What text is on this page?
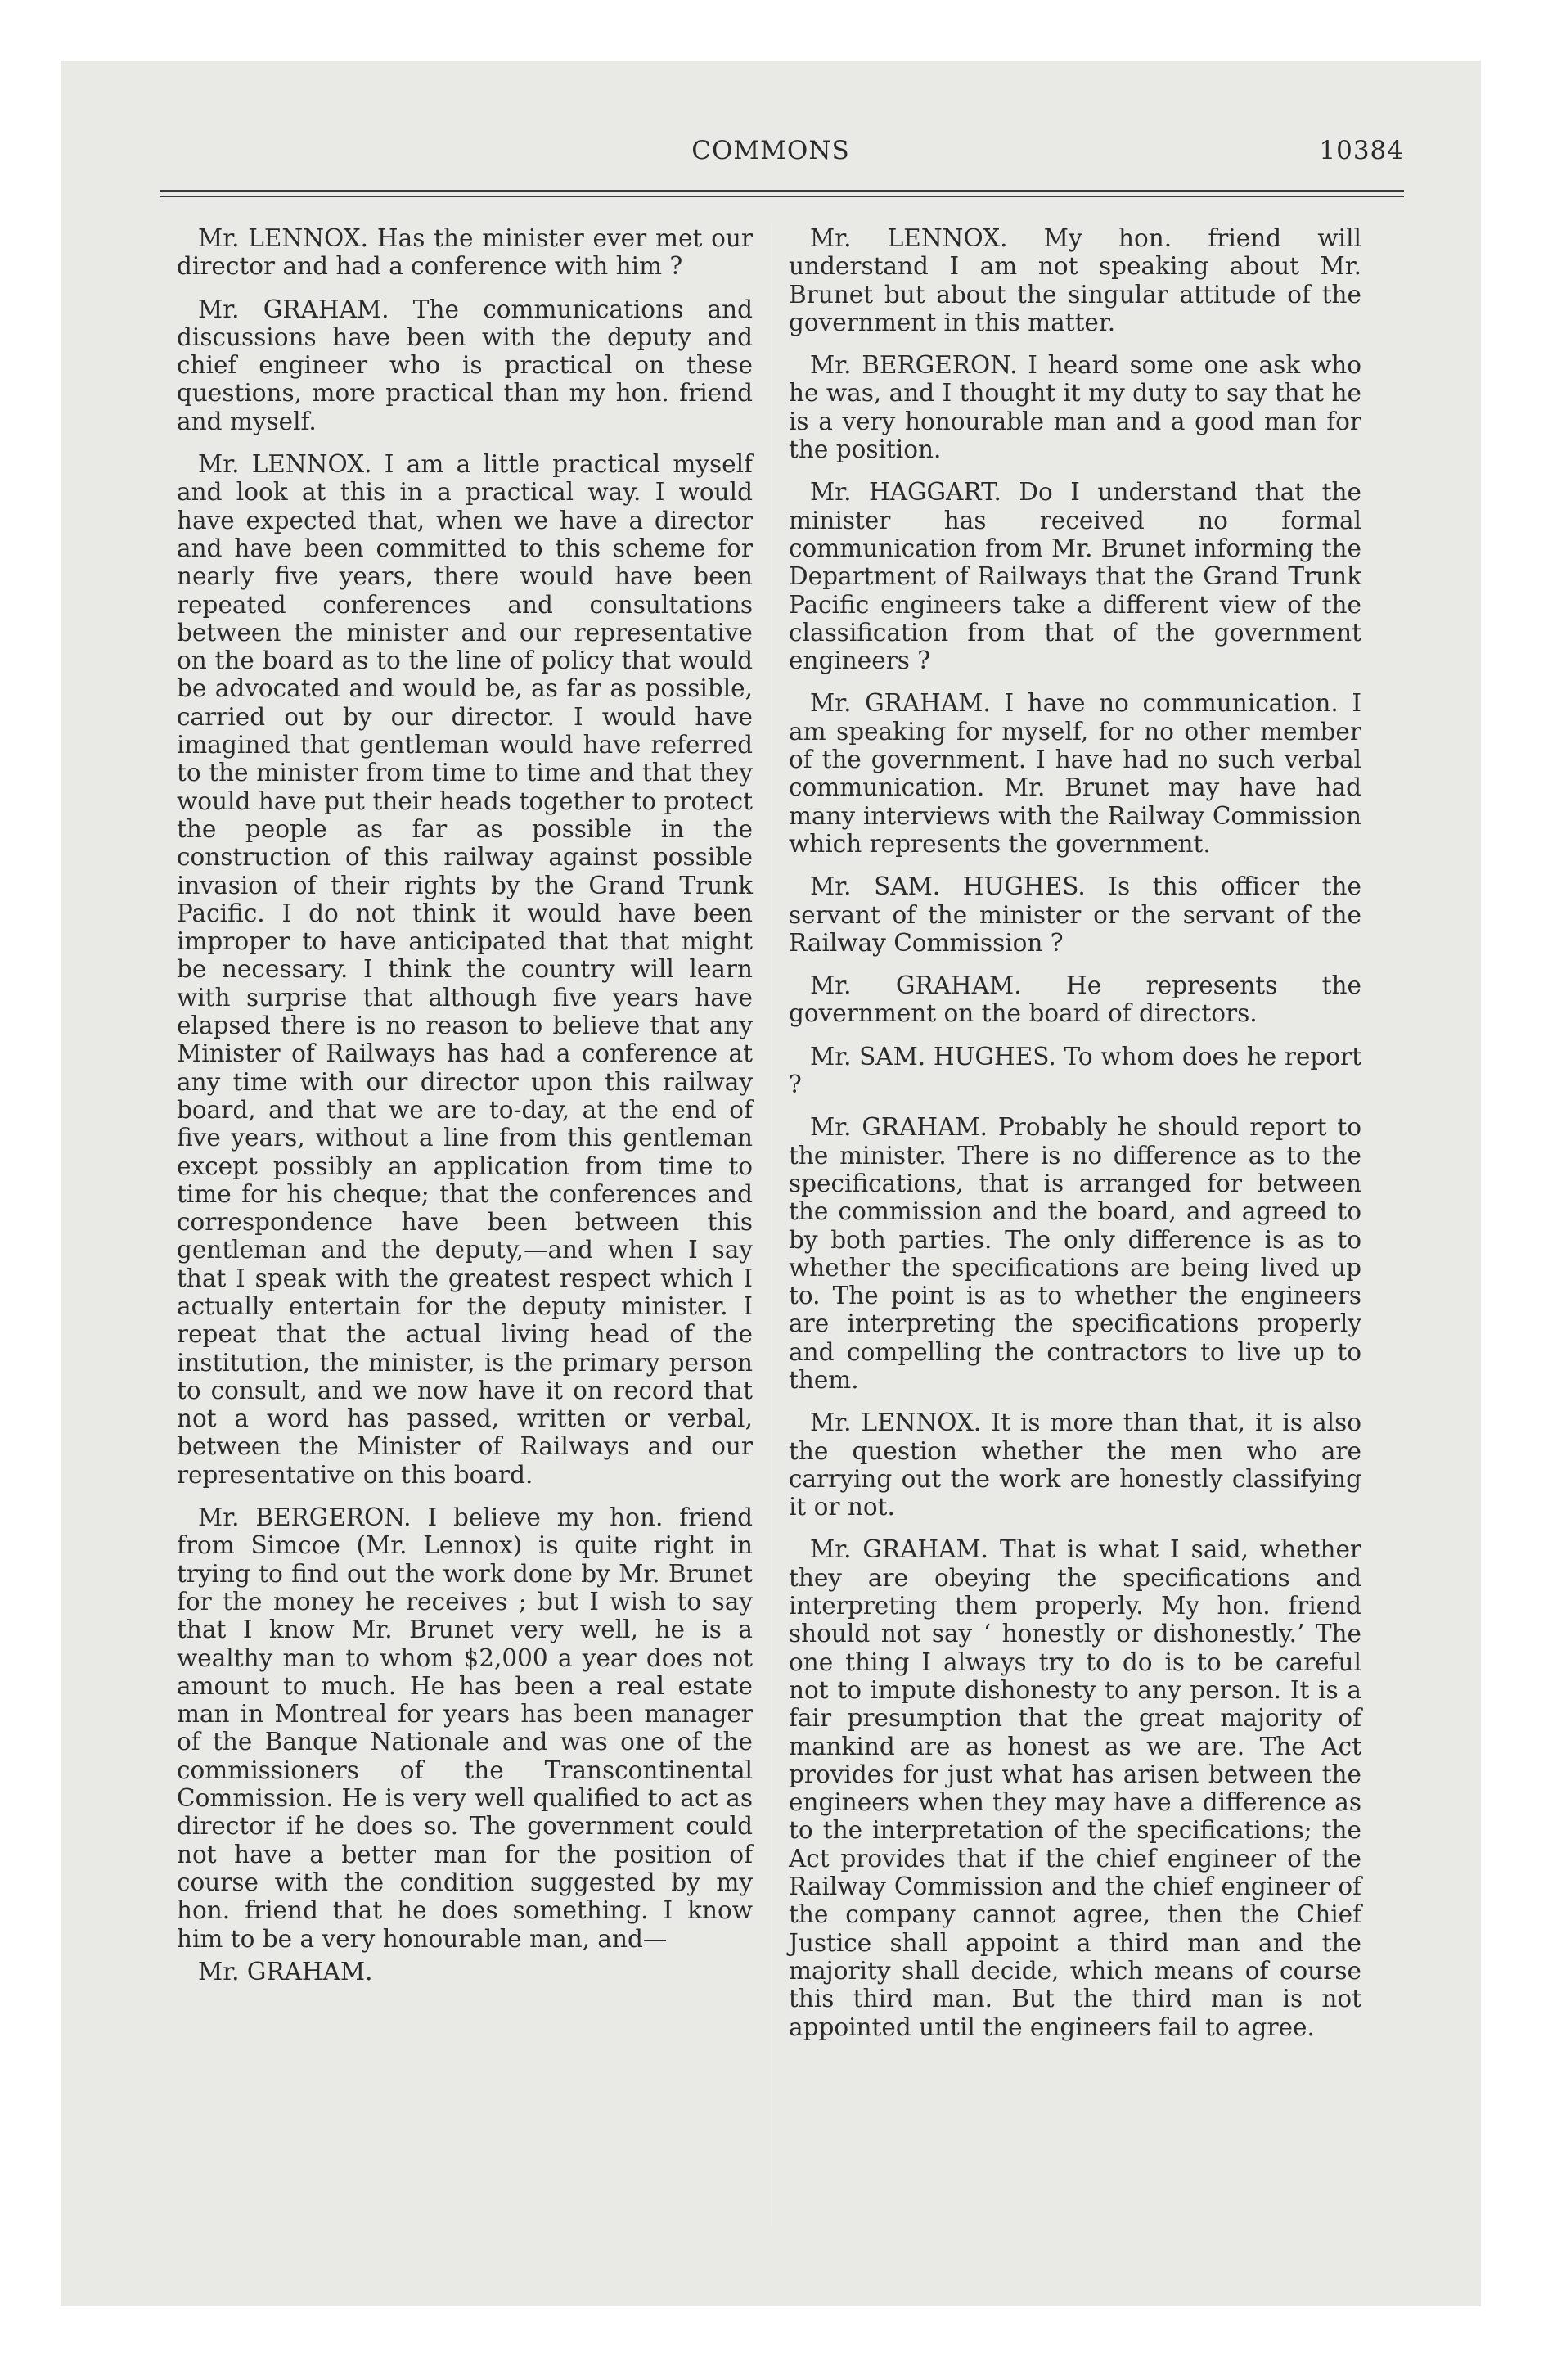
COMMONS	10384

Mr. LENNOX. Has the minister ever met our director and had a conference with him ?

Mr. GRAHAM. The communications and discussions have been with the deputy and chief engineer who is practical on these questions, more practical than my hon. friend and myself.

Mr. LENNOX. I am a little practical myself and look at this in a practical way. I would have expected that, when we have a director and have been committed to this scheme for nearly five years, there would have been repeated conferences and consultations between the minister and our representative on the board as to the line of policy that would be advocated and would be, as far as possible, carried out by our director. I would have imagined that gentleman would have referred to the minister from time to time and that they would have put their heads together to protect the people as far as possible in the construction of this railway against possible invasion of their rights by the Grand Trunk Pacific. I do not think it would have been improper to have anticipated that that might be necessary. I think the country will learn with surprise that although five years have elapsed there is no reason to believe that any Minister of Railways has had a conference at any time with our director upon this railway board, and that we are to-day, at the end of five years, without a line from this gentleman except possibly an application from time to time for his cheque; that the conferences and correspondence have been between this gentleman and the deputy,—and when I say that I speak with the greatest respect which I actually entertain for the deputy minister. I repeat that the actual living head of the institution, the minister, is the primary person to consult, and we now have it on record that not a word has passed, written or verbal, between the Minister of Railways and our representative on this board.

Mr. BERGERON. I believe my hon. friend from Simcoe (Mr. Lennox) is quite right in trying to find out the work done by Mr. Brunet for the money he receives ; but I wish to say that I know Mr. Brunet very well, he is a wealthy man to whom $2,000 a year does not amount to much. He has been a real estate man in Montreal for years has been manager of the Banque Nationale and was one of the commissioners of the Transcontinental Commission. He is very well qualified to act as director if he does so. The government could not have a better man for the position of course with the condition suggested by my hon. friend that he does something. I know him to be a very honourable man, and—

Mr. GRAHAM.

Mr. LENNOX. My hon. friend will understand I am not speaking about Mr. Brunet but about the singular attitude of the government in this matter.

Mr. BERGERON. I heard some one ask who he was, and I thought it my duty to say that he is a very honourable man and a good man for the position.

Mr. HAGGART. Do I understand that the minister has received no formal communication from Mr. Brunet informing the Department of Railways that the Grand Trunk Pacific engineers take a different view of the classification from that of the government engineers ?

Mr. GRAHAM. I have no communication. I am speaking for myself, for no other member of the government. I have had no such verbal communication. Mr. Brunet may have had many interviews with the Railway Commission which represents the government.

Mr. SAM. HUGHES. Is this officer the servant of the minister or the servant of the Railway Commission ?

Mr. GRAHAM. He represents the government on the board of directors.

Mr. SAM. HUGHES. To whom does he report ?

Mr. GRAHAM. Probably he should report to the minister. There is no difference as to the specifications, that is arranged for between the commission and the board, and agreed to by both parties. The only difference is as to whether the specifications are being lived up to. The point is as to whether the engineers are interpreting the specifications properly and compelling the contractors to live up to them.

Mr. LENNOX. It is more than that, it is also the question whether the men who are carrying out the work are honestly classifying it or not.

Mr. GRAHAM. That is what I said, whether they are obeying the specifications and interpreting them properly. My hon. friend should not say ‘ honestly or dishonestly.’ The one thing I always try to do is to be careful not to impute dishonesty to any person. It is a fair presumption that the great majority of mankind are as honest as we are. The Act provides for just what has arisen between the engineers when they may have a difference as to the interpretation of the specifications; the Act provides that if the chief engineer of the Railway Commission and the chief engineer of the company cannot agree, then the Chief Justice shall appoint a third man and the majority shall decide, which means of course this third man. But the third man is not appointed until the engineers fail to agree.
